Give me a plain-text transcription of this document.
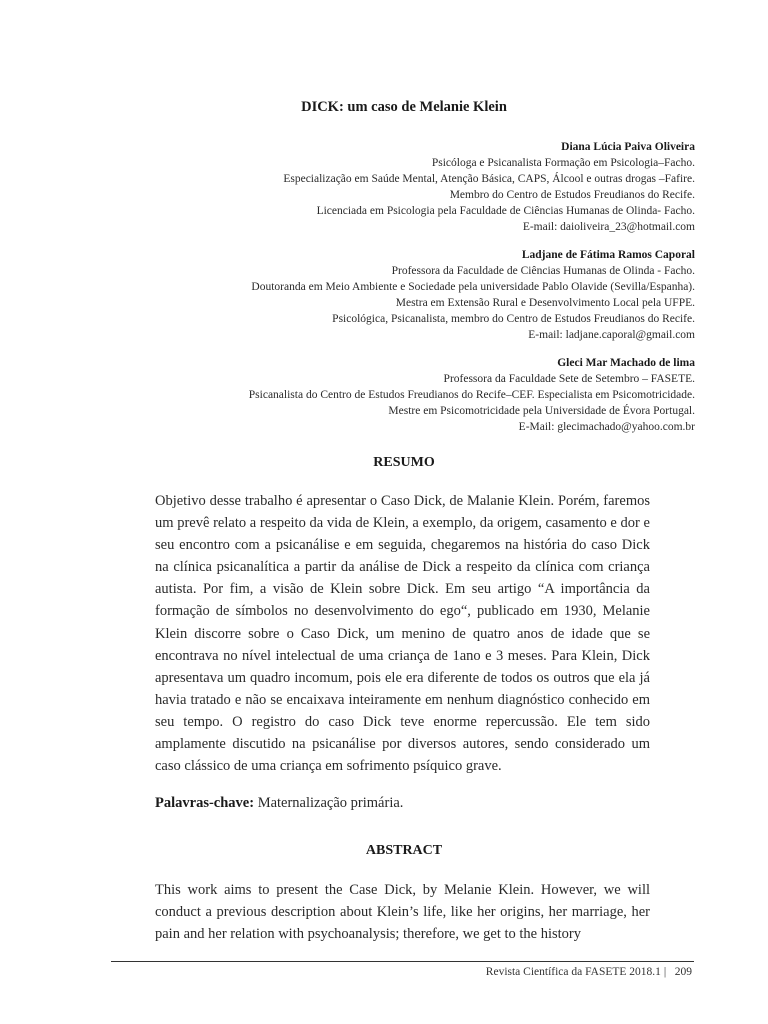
DICK: um caso de Melanie Klein
Diana Lúcia Paiva Oliveira
Psicóloga e Psicanalista Formação em Psicologia–Facho.
Especialização em Saúde Mental, Atenção Básica, CAPS, Álcool e outras drogas –Fafire.
Membro do Centro de Estudos Freudianos do Recife.
Licenciada em Psicologia pela Faculdade de Ciências Humanas de Olinda- Facho.
E-mail: daioliveira_23@hotmail.com
Ladjane de Fátima Ramos Caporal
Professora da Faculdade de Ciências Humanas de Olinda - Facho.
Doutoranda em Meio Ambiente e Sociedade pela universidade Pablo Olavide (Sevilla/Espanha).
Mestra em Extensão Rural e Desenvolvimento Local pela UFPE.
Psicológica, Psicanalista, membro do Centro de Estudos Freudianos do Recife.
E-mail: ladjane.caporal@gmail.com
Gleci Mar Machado de lima
Professora da Faculdade Sete de Setembro – FASETE.
Psicanalista do Centro de Estudos Freudianos do Recife–CEF. Especialista em Psicomotricidade.
Mestre em Psicomotricidade pela Universidade de Évora Portugal.
E-Mail: glecimachado@yahoo.com.br
RESUMO
Objetivo desse trabalho é apresentar o Caso Dick, de Malanie Klein. Porém, faremos um prevê relato a respeito da vida de Klein, a exemplo, da origem, casamento e dor e seu encontro com a psicanálise e em seguida, chegaremos na história do caso Dick na clínica psicanalítica a partir da análise de Dick a respeito da clínica com criança autista. Por fim, a visão de Klein sobre Dick. Em seu artigo “A importância da formação de símbolos no desenvolvimento do ego“, publicado em 1930, Melanie Klein discorre sobre o Caso Dick, um menino de quatro anos de idade que se encontrava no nível intelectual de uma criança de 1ano e 3 meses. Para Klein, Dick apresentava um quadro incomum, pois ele era diferente de todos os outros que ela já havia tratado e não se encaixava inteiramente em nenhum diagnóstico conhecido em seu tempo. O registro do caso Dick teve enorme repercussão. Ele tem sido amplamente discutido na psicanálise por diversos autores, sendo considerado um caso clássico de uma criança em sofrimento psíquico grave.
Palavras-chave: Maternalização primária.
ABSTRACT
This work aims to present the Case Dick, by Melanie Klein. However, we will conduct a previous description about Klein’s life, like her origins, her marriage, her pain and her relation with psychoanalysis; therefore, we get to the history
Revista Científica da FASETE 2018.1 | 209
